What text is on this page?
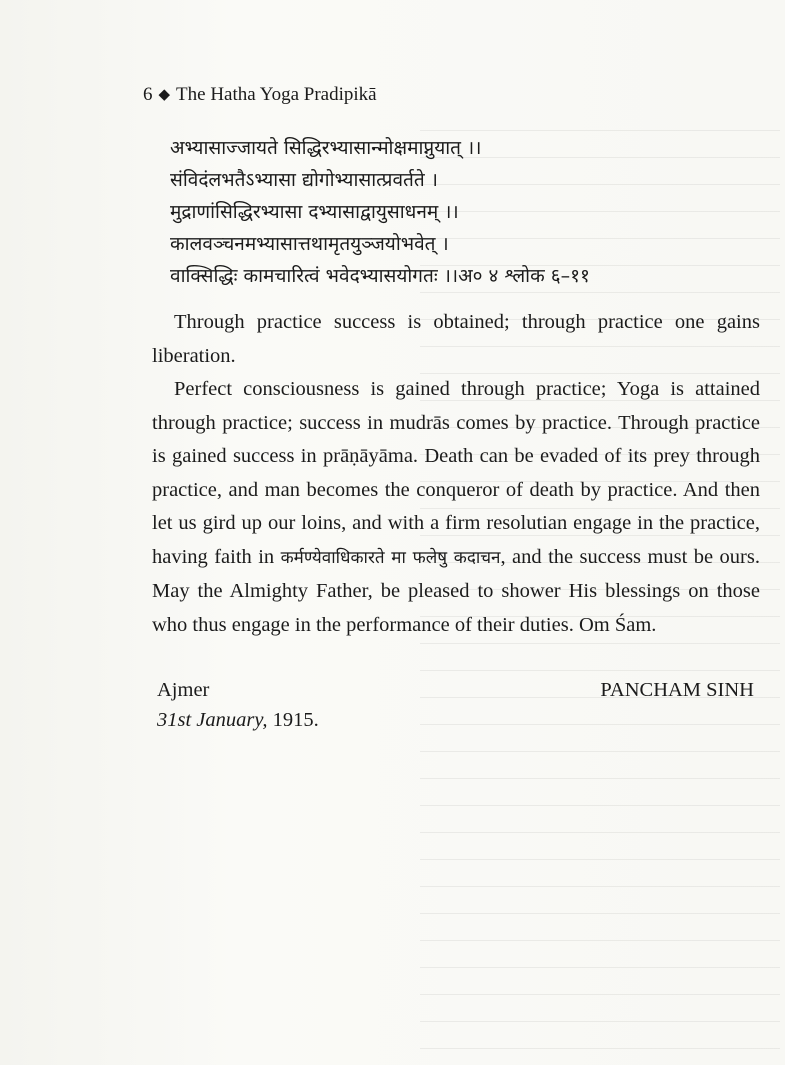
6 ◆ The Hatha Yoga Pradipikā
अभ्यासाज्जायते सिद्धिरभ्यासान्मोक्षमाप्नुयात् ।।
संविदंलभतैऽभ्यासा द्योगोभ्यासात्प्रवर्तते ।
मुद्राणांसिद्धिरभ्यासा दभ्यासाद्वायुसाधनम् ।।
कालवञ्चनमभ्यासात्तथामृतयुञ्जयोभवेत् ।
वाक्सिद्धिः कामचारित्वं भवेदभ्यासयोगतः ।।अ० ४ श्लोक ६–११

Through practice success is obtained; through practice one gains liberation.

Perfect consciousness is gained through practice; Yoga is attained through practice; success in mudrās comes by practice. Through practice is gained success in prāṇāyāma. Death can be evaded of its prey through practice, and man becomes the conqueror of death by practice. And then let us gird up our loins, and with a firm resolutian engage in the practice, having faith in कर्मण्येवाधिकारते मा फलेषु कदाचन, and the success must be ours. May the Almighty Father, be pleased to shower His blessings on those who thus engage in the performance of their duties. Om Śam.

Ajmer	PANCHAM SINH
31st January, 1915.
